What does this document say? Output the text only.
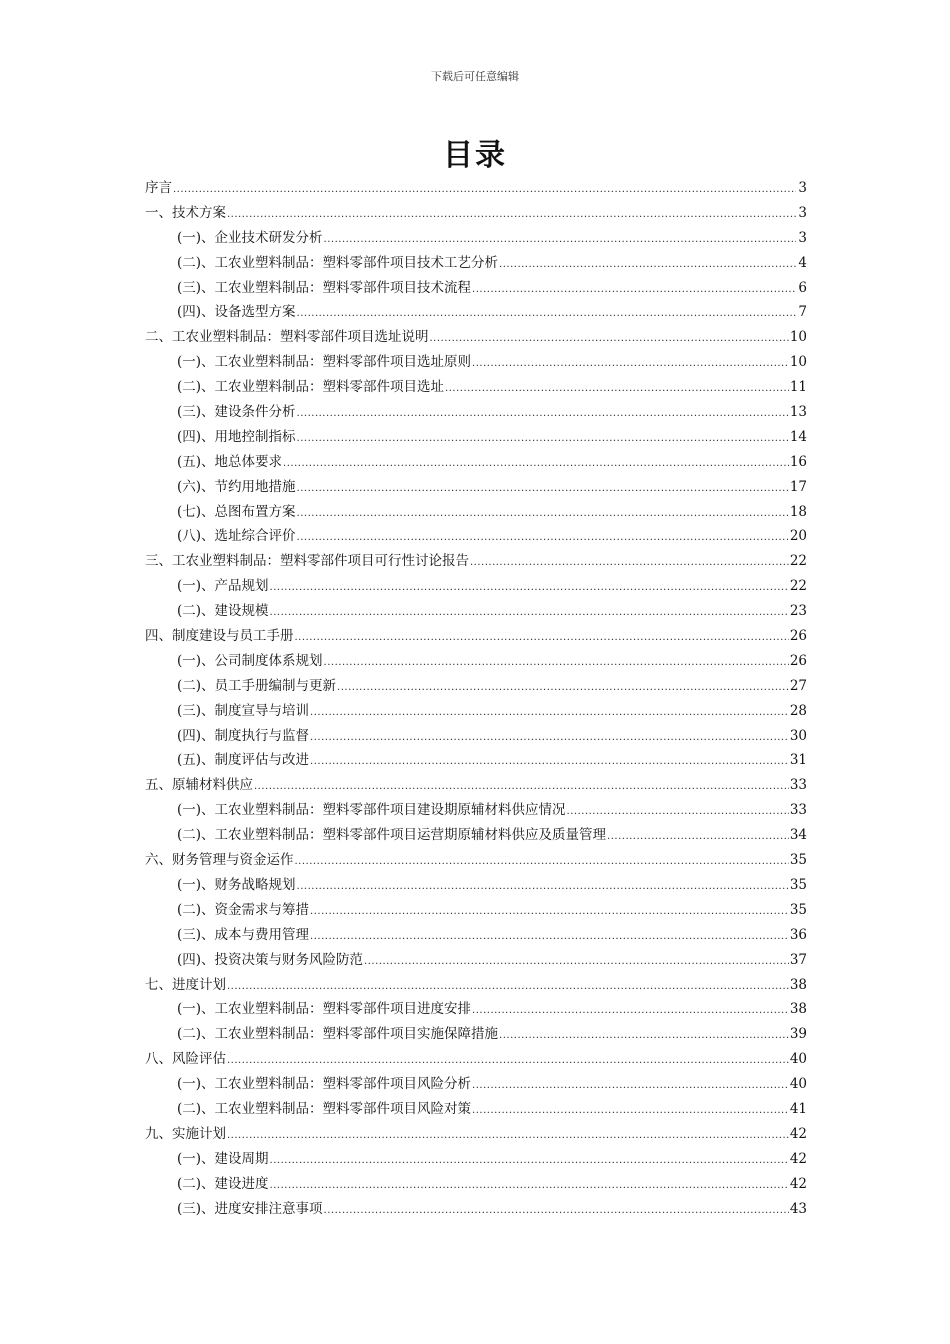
下载后可任意编辑
目录
序言 .....	3
一、技术方案 .....	3
(一)、企业技术研发分析 .....	3
(二)、工农业塑料制品：塑料零部件项目技术工艺分析 .....	4
(三)、工农业塑料制品：塑料零部件项目技术流程 .....	6
(四)、设备选型方案 .....	7
二、工农业塑料制品：塑料零部件项目选址说明 .....	10
(一)、工农业塑料制品：塑料零部件项目选址原则 .....	10
(二)、工农业塑料制品：塑料零部件项目选址 .....	11
(三)、建设条件分析 .....	13
(四)、用地控制指标 .....	14
(五)、地总体要求 .....	16
(六)、节约用地措施 .....	17
(七)、总图布置方案 .....	18
(八)、选址综合评价 .....	20
三、工农业塑料制品：塑料零部件项目可行性讨论报告 .....	22
(一)、产品规划 .....	22
(二)、建设规模 .....	23
四、制度建设与员工手册 .....	26
(一)、公司制度体系规划 .....	26
(二)、员工手册编制与更新 .....	27
(三)、制度宣导与培训 .....	28
(四)、制度执行与监督 .....	30
(五)、制度评估与改进 .....	31
五、原辅材料供应 .....	33
(一)、工农业塑料制品：塑料零部件项目建设期原辅材料供应情况 .....	33
(二)、工农业塑料制品：塑料零部件项目运营期原辅材料供应及质量管理 .....	34
六、财务管理与资金运作 .....	35
(一)、财务战略规划 .....	35
(二)、资金需求与筹措 .....	35
(三)、成本与费用管理 .....	36
(四)、投资决策与财务风险防范 .....	37
七、进度计划 .....	38
(一)、工农业塑料制品：塑料零部件项目进度安排 .....	38
(二)、工农业塑料制品：塑料零部件项目实施保障措施 .....	39
八、风险评估 .....	40
(一)、工农业塑料制品：塑料零部件项目风险分析 .....	40
(二)、工农业塑料制品：塑料零部件项目风险对策 .....	41
九、实施计划 .....	42
(一)、建设周期 .....	42
(二)、建设进度 .....	42
(三)、进度安排注意事项 .....	43
